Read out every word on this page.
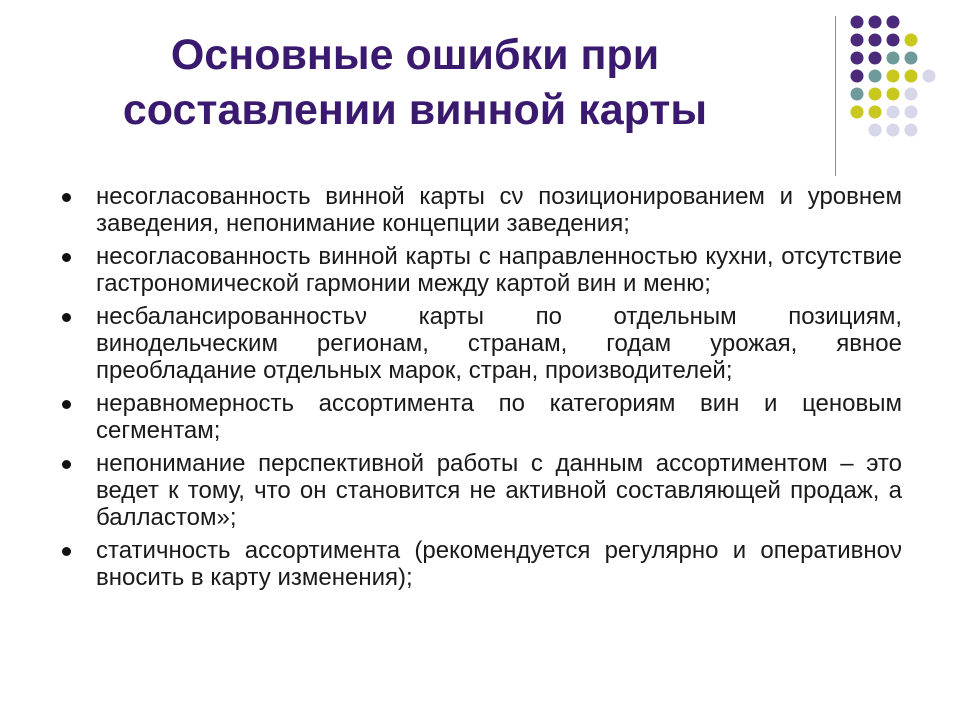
Основные ошибки при составлении винной карты
несогласованность винной карты сν позиционированием и уровнем заведения, непонимание концепции заведения;
несогласованность винной карты с направленностью кухни, отсутствие гастрономической гармонии между картой вин и меню;
несбалансированностьν карты по отдельным позициям, винодельческим регионам, странам, годам урожая, явное преобладание отдельных марок, стран, производителей;
неравномерность ассортимента по категориям вин и ценовым сегментам;
непонимание перспективной работы с данным ассортиментом – это ведет к тому, что он становится не активной составляющей продаж, а балластом»;
статичность ассортимента (рекомендуется регулярно и оперативноν вносить в карту изменения);
